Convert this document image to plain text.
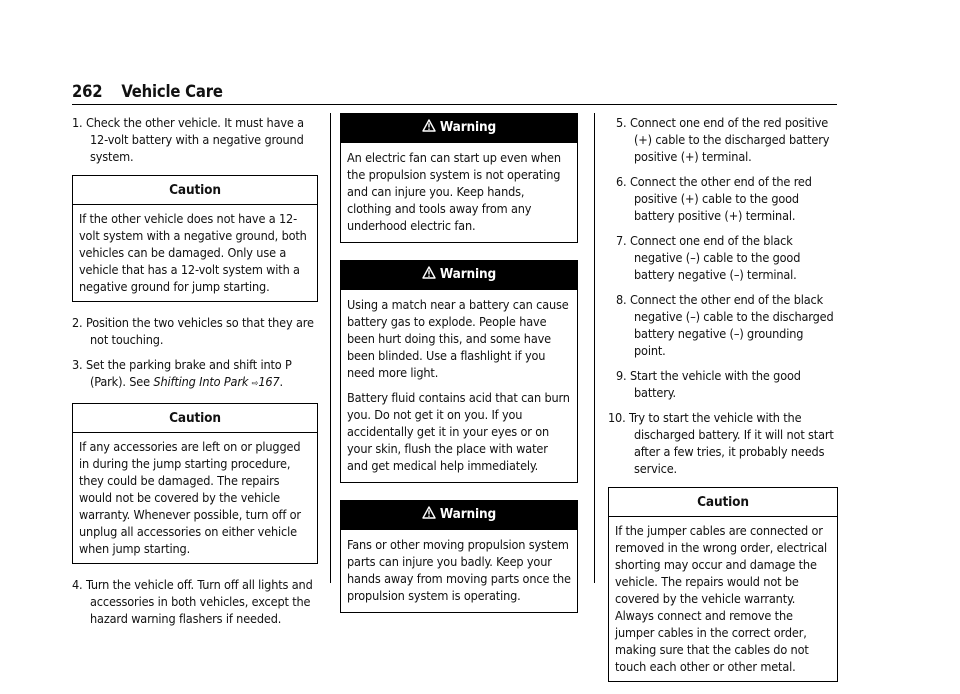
262 Vehicle Care
1. Check the other vehicle. It must have a 12-volt battery with a negative ground system.
Caution

If the other vehicle does not have a 12-volt system with a negative ground, both vehicles can be damaged. Only use a vehicle that has a 12-volt system with a negative ground for jump starting.

2. Position the two vehicles so that they are not touching.
3. Set the parking brake and shift into P (Park). See Shifting Into Park ⇨167.
Caution

If any accessories are left on or plugged in during the jump starting procedure, they could be damaged. The repairs would not be covered by the vehicle warranty. Whenever possible, turn off or unplug all accessories on either vehicle when jump starting.

4. Turn the vehicle off. Turn off all lights and accessories in both vehicles, except the hazard warning flashers if needed.
Warning

An electric fan can start up even when the propulsion system is not operating and can injure you. Keep hands, clothing and tools away from any underhood electric fan.

Warning

Using a match near a battery can cause battery gas to explode. People have been hurt doing this, and some have been blinded. Use a flashlight if you need more light.

Battery fluid contains acid that can burn you. Do not get it on you. If you accidentally get it in your eyes or on your skin, flush the place with water and get medical help immediately.

Warning

Fans or other moving propulsion system parts can injure you badly. Keep your hands away from moving parts once the propulsion system is operating.

5. Connect one end of the red positive (+) cable to the discharged battery positive (+) terminal.
6. Connect the other end of the red positive (+) cable to the good battery positive (+) terminal.
7. Connect one end of the black negative (–) cable to the good battery negative (–) terminal.
8. Connect the other end of the black negative (–) cable to the discharged battery negative (–) grounding point.
9. Start the vehicle with the good battery.
10. Try to start the vehicle with the discharged battery. If it will not start after a few tries, it probably needs service.
Caution

If the jumper cables are connected or removed in the wrong order, electrical shorting may occur and damage the vehicle. The repairs would not be covered by the vehicle warranty. Always connect and remove the jumper cables in the correct order, making sure that the cables do not touch each other or other metal.
